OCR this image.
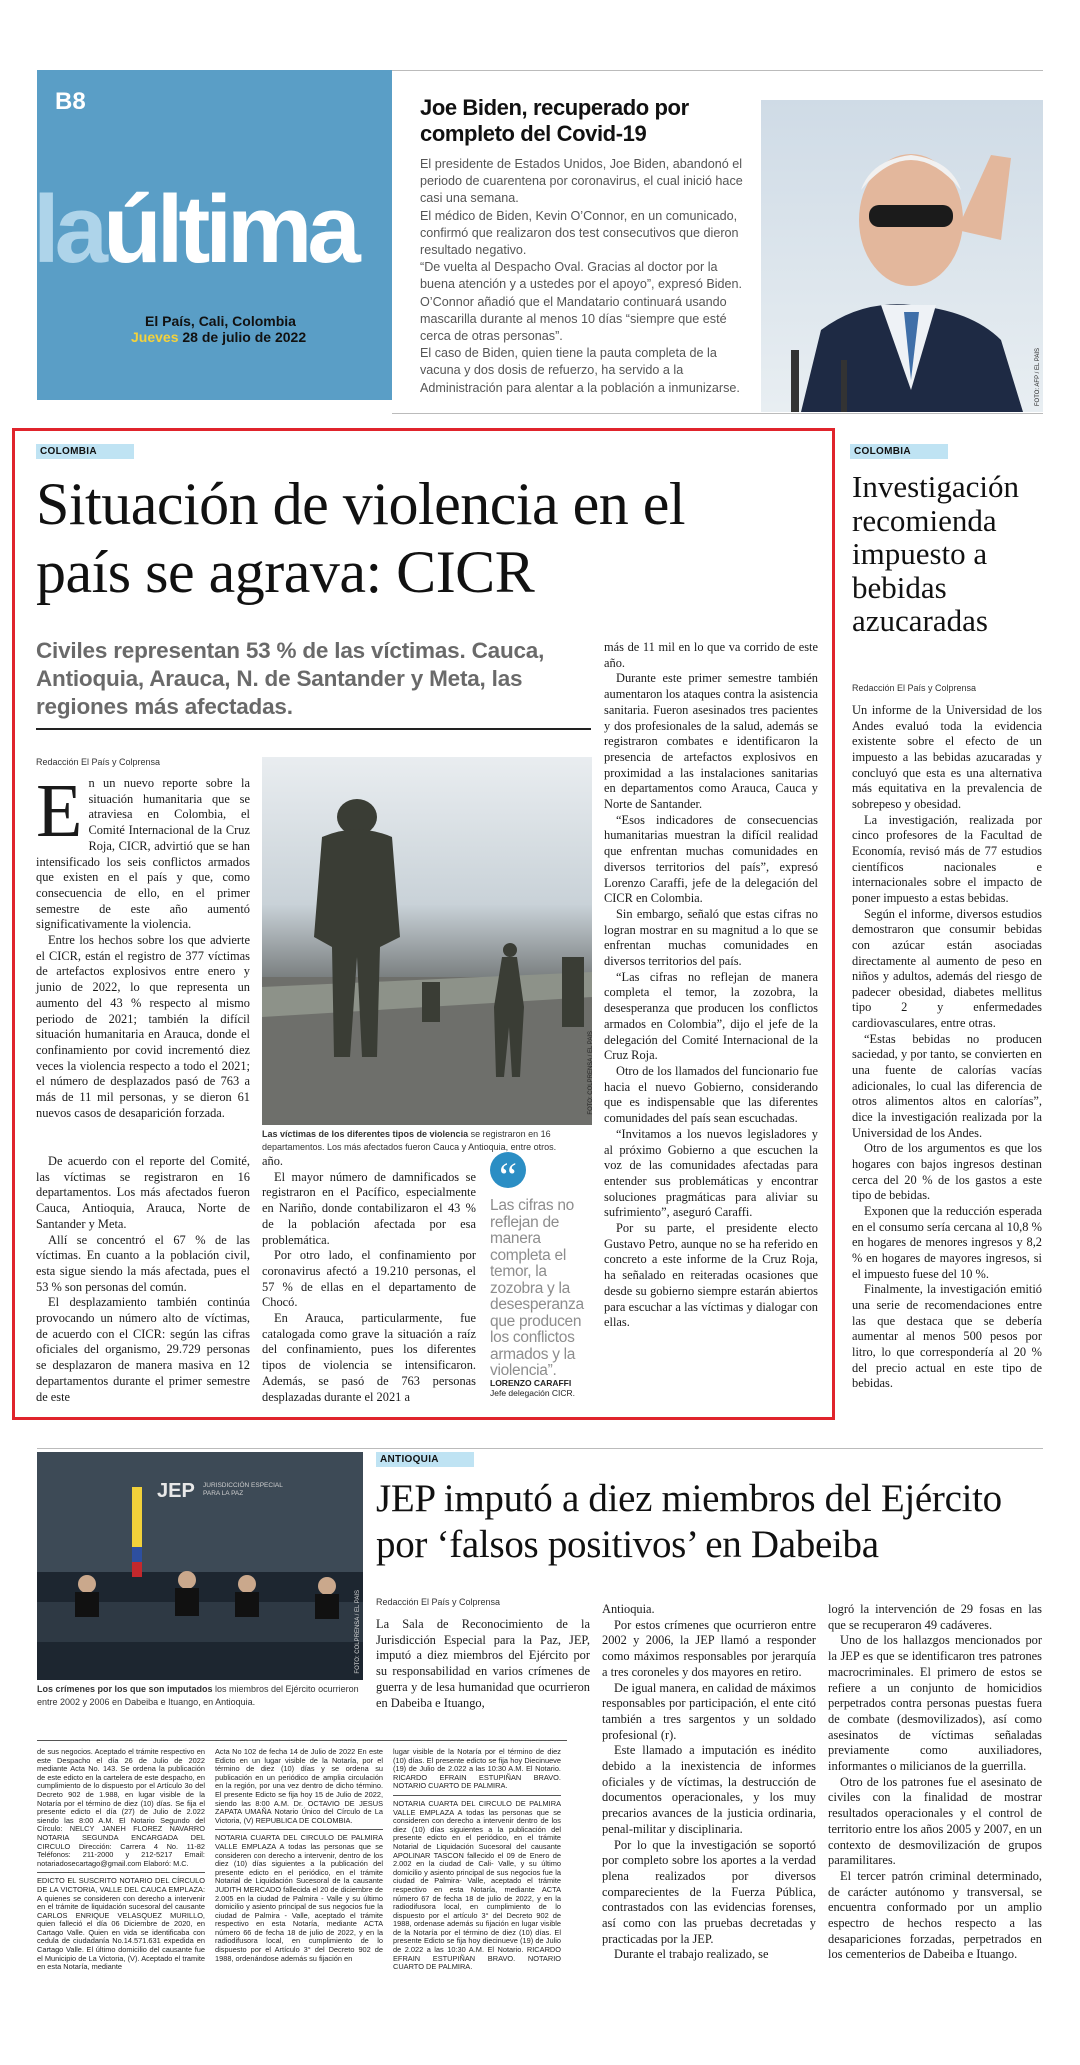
B8
laúltima
El País, Cali, Colombia
Jueves 28 de julio de 2022
Joe Biden, recuperado por completo del Covid-19

El presidente de Estados Unidos, Joe Biden, abandonó el periodo de cuarentena por coronavirus, el cual inició hace casi una semana.

El médico de Biden, Kevin O’Connor, en un comunicado, confirmó que realizaron dos test consecutivos que dieron resultado negativo.

“De vuelta al Despacho Oval. Gracias al doctor por la buena atención y a ustedes por el apoyo”, expresó Biden. O’Connor añadió que el Mandatario continuará usando mascarilla durante al menos 10 días “siempre que esté cerca de otras personas”.

El caso de Biden, quien tiene la pauta completa de la vacuna y dos dosis de refuerzo, ha servido a la Administración para alentar a la población a inmunizarse.	FOTO: AFP / EL PAÍS
COLOMBIA
Situación de violencia en el país se agrava: CICR
Civiles representan 53 % de las víctimas. Cauca, Antioquia, Arauca, N. de Santander y Meta, las regiones más afectadas.
Redacción El País y Colprensa
E n un nuevo reporte sobre la situación humanitaria que se atraviesa en Colombia, el Comité Internacional de la Cruz Roja, CICR, advirtió que se han intensificado los seis conflictos armados que existen en el país y que, como consecuencia de ello, en el primer semestre de este año aumentó significativamente la violencia.

Entre los hechos sobre los que advierte el CICR, están el registro de 377 víctimas de artefactos explosivos entre enero y junio de 2022, lo que representa un aumento del 43 % respecto al mismo periodo de 2021; también la difícil situación humanitaria en Arauca, donde el confinamiento por covid incrementó diez veces la violencia respecto a todo el 2021; el número de desplazados pasó de 763 a más de 11 mil personas, y se dieron 61 nuevos casos de desaparición forzada.

De acuerdo con el reporte del Comité, las víctimas se registraron en 16 departamentos. Los más afectados fueron Cauca, Antioquia, Arauca, Norte de Santander y Meta.

Allí se concentró el 67 % de las víctimas. En cuanto a la población civil, esta sigue siendo la más afectada, pues el 53 % son personas del común.

El desplazamiento también continúa provocando un número alto de víctimas, de acuerdo con el CICR: según las cifras oficiales del organismo, 29.729 personas se desplazaron de manera masiva en 12 departamentos durante el primer semestre de este

FOTO: COLPRENSA / EL PAÍS
Las víctimas de los diferentes tipos de violencia se registraron en 16 departamentos. Los más afectados fueron Cauca y Antioquia, entre otros.

año.

El mayor número de damnificados se registraron en el Pacífico, especialmente en Nariño, donde contabilizaron el 43 % de la población afectada por esa problemática.

Por otro lado, el confinamiento por coronavirus afectó a 19.210 personas, el 57 % de ellas en el departamento de Chocó.

En Arauca, particularmente, fue catalogada como grave la situación a raíz del confinamiento, pues los diferentes tipos de violencia se intensificaron. Además, se pasó de 763 personas desplazadas durante el 2021 a

“
Las cifras no reflejan de manera completa el temor, la zozobra y la desesperanza que producen los conflictos armados y la violencia”.
LORENZO CARAFFI
Jefe delegación CICR.

más de 11 mil en lo que va corrido de este año.

Durante este primer semestre también aumentaron los ataques contra la asistencia sanitaria. Fueron asesinados tres pacientes y dos profesionales de la salud, además se registraron combates e identificaron la presencia de artefactos explosivos en proximidad a las instalaciones sanitarias en departamentos como Arauca, Cauca y Norte de Santander.

“Esos indicadores de consecuencias humanitarias muestran la difícil realidad que enfrentan muchas comunidades en diversos territorios del país”, expresó Lorenzo Caraffi, jefe de la delegación del CICR en Colombia.

Sin embargo, señaló que estas cifras no logran mostrar en su magnitud a lo que se enfrentan muchas comunidades en diversos territorios del país.

“Las cifras no reflejan de manera completa el temor, la zozobra, la desesperanza que producen los conflictos armados en Colombia”, dijo el jefe de la delegación del Comité Internacional de la Cruz Roja.

Otro de los llamados del funcionario fue hacia el nuevo Gobierno, considerando que es indispensable que las diferentes comunidades del país sean escuchadas.

“Invitamos a los nuevos legisladores y al próximo Gobierno a que escuchen la voz de las comunidades afectadas para entender sus problemáticas y encontrar soluciones pragmáticas para aliviar su sufrimiento”, aseguró Caraffi.

Por su parte, el presidente electo Gustavo Petro, aunque no se ha referido en concreto a este informe de la Cruz Roja, ha señalado en reiteradas ocasiones que desde su gobierno siempre estarán abiertos para escuchar a las víctimas y dialogar con ellas.

COLOMBIA
Investigación recomienda impuesto a bebidas azucaradas
Redacción El País y Colprensa

Un informe de la Universidad de los Andes evaluó toda la evidencia existente sobre el efecto de un impuesto a las bebidas azucaradas y concluyó que esta es una alternativa más equitativa en la prevalencia de sobrepeso y obesidad.

La investigación, realizada por cinco profesores de la Facultad de Economía, revisó más de 77 estudios científicos nacionales e internacionales sobre el impacto de poner impuesto a estas bebidas.

Según el informe, diversos estudios demostraron que consumir bebidas con azúcar están asociadas directamente al aumento de peso en niños y adultos, además del riesgo de padecer obesidad, diabetes mellitus tipo 2 y enfermedades cardiovasculares, entre otras.

“Estas bebidas no producen saciedad, y por tanto, se convierten en una fuente de calorías vacías adicionales, lo cual las diferencia de otros alimentos altos en calorías”, dice la investigación realizada por la Universidad de los Andes.

Otro de los argumentos es que los hogares con bajos ingresos destinan cerca del 20 % de los gastos a este tipo de bebidas.

Exponen que la reducción esperada en el consumo sería cercana al 10,8 % en hogares de menores ingresos y 8,2 % en hogares de mayores ingresos, si el impuesto fuese del 10 %.

Finalmente, la investigación emitió una serie de recomendaciones entre las que destaca que se debería aumentar al menos 500 pesos por litro, lo que correspondería al 20 % del precio actual en este tipo de bebidas.

ANTIOQUIA
JEP imputó a diez miembros del Ejército por ‘falsos positivos’ en Dabeiba
Redacción El País y Colprensa
JEP JURISDICCIÓN ESPECIAL PARA LA PAZ
FOTO: COLPRENSA / EL PAÍS
Los crímenes por los que son imputados los miembros del Ejército ocurrieron entre 2002 y 2006 en Dabeiba e Ituango, en Antioquia.

La Sala de Reconocimiento de la Jurisdicción Especial para la Paz, JEP, imputó a diez miembros del Ejército por su responsabilidad en varios crímenes de guerra y de lesa humanidad que ocurrieron en Dabeiba e Ituango,

Antioquia.

Por estos crímenes que ocurrieron entre 2002 y 2006, la JEP llamó a responder como máximos responsables por jerarquía a tres coroneles y dos mayores en retiro.

De igual manera, en calidad de máximos responsables por participación, el ente citó también a tres sargentos y un soldado profesional (r).

Este llamado a imputación es inédito debido a la inexistencia de informes oficiales y de víctimas, la destrucción de documentos operacionales, y los muy precarios avances de la justicia ordinaria, penal-militar y disciplinaria.

Por lo que la investigación se soportó por completo sobre los aportes a la verdad plena realizados por diversos comparecientes de la Fuerza Pública, contrastados con las evidencias forenses, así como con las pruebas decretadas y practicadas por la JEP.

Durante el trabajo realizado, se

logró la intervención de 29 fosas en las que se recuperaron 49 cadáveres.

Uno de los hallazgos mencionados por la JEP es que se identificaron tres patrones macrocriminales. El primero de estos se refiere a un conjunto de homicidios perpetrados contra personas puestas fuera de combate (desmovilizados), así como asesinatos de víctimas señaladas previamente como auxiliadores, informantes o milicianos de la guerrilla.

Otro de los patrones fue el asesinato de civiles con la finalidad de mostrar resultados operacionales y el control de territorio entre los años 2005 y 2007, en un contexto de desmovilización de grupos paramilitares.

El tercer patrón criminal determinado, de carácter autónomo y transversal, se encuentra conformado por un amplio espectro de hechos respecto a las desapariciones forzadas, perpetrados en los cementerios de Dabeiba e Ituango.

de sus negocios. Aceptado el trámite respectivo en este Despacho el día 26 de Julio de 2022 mediante Acta No. 143. Se ordena la publicación de este edicto en la cartelera de este despacho, en cumplimiento de lo dispuesto por el Artículo 3o del Decreto 902 de 1.988, en lugar visible de la Notaría por el término de diez (10) días. Se fija el presente edicto el día (27) de Julio de 2.022 siendo las 8:00 A.M. El Notario Segundo del Círculo: NELCY JANEH FLOREZ NAVARRO NOTARIA SEGUNDA ENCARGADA DEL CIRCULO Dirección: Carrera 4 No. 11-82 Teléfonos: 211-2000 y 212-5217 Email: notariadosecartago@gmail.com Elaboró: M.C.

EDICTO EL SUSCRITO NOTARIO DEL CÍRCULO DE LA VICTORIA, VALLE DEL CAUCA EMPLAZA: A quienes se consideren con derecho a intervenir en el trámite de liquidación sucesoral del causante CARLOS ENRIQUE VELASQUEZ MURILLO, quien falleció el día 06 Diciembre de 2020, en Cartago Valle. Quien en vida se identificaba con cedula de ciudadanía No.14.571.631 expedida en Cartago Valle. El último domicilio del causante fue el Municipio de La Victoria, (V). Aceptado el tramite en esta Notaría, mediante

Acta No 102 de fecha 14 de Julio de 2022 En este Edicto en un lugar visible de la Notaría, por el término de diez (10) días y se ordena su publicación en un periódico de amplia circulación en la región, por una vez dentro de dicho término. El presente Edicto se fija hoy 15 de Julio de 2022, siendo las 8:00 A.M. Dr. OCTAVIO DE JESUS ZAPATA UMAÑA Notario Único del Círculo de La Victoria, (V) REPUBLICA DE COLOMBIA.

NOTARIA CUARTA DEL CIRCULO DE PALMIRA VALLE EMPLAZA A todas las personas que se consideren con derecho a intervenir, dentro de los diez (10) días siguientes a la publicación del presente edicto en el periódico, en el trámite Notarial de Liquidación Sucesoral de la causante JUDITH MERCADO fallecida el 20 de diciembre de 2.005 en la ciudad de Palmira - Valle y su último domicilio y asiento principal de sus negocios fue la ciudad de Palmira - Valle, aceptado el trámite respectivo en esta Notaría, mediante ACTA número 66 de fecha 18 de julio de 2022, y en la radiodifusora local, en cumplimiento de lo dispuesto por el Artículo 3° del Decreto 902 de 1988, ordenándose además su fijación en

lugar visible de la Notaría por el término de diez (10) días. El presente edicto se fija hoy Diecinueve (19) de Julio de 2.022 a las 10:30 A.M. El Notario. RICARDO EFRAIN ESTUPIÑAN BRAVO. NOTARIO CUARTO DE PALMIRA.

NOTARIA CUARTA DEL CIRCULO DE PALMIRA VALLE EMPLAZA A todas las personas que se consideren con derecho a intervenir dentro de los diez (10) días siguientes a la publicación del presente edicto en el periódico, en el trámite Notarial de Liquidación Sucesoral del causante APOLINAR TASCON fallecido el 09 de Enero de 2.002 en la ciudad de Cali- Valle, y su último domicilio y asiento principal de sus negocios fue la ciudad de Palmira- Valle, aceptado el trámite respectivo en esta Notaría, mediante ACTA número 67 de fecha 18 de julio de 2022, y en la radiodifusora local, en cumplimiento de lo dispuesto por el artículo 3° del Decreto 902 de 1988, ordenase además su fijación en lugar visible de la Notaría por el término de diez (10) días. El presente Edicto se fija hoy diecinueve (19) de Julio de 2.022 a las 10:30 A.M. El Notario. RICARDO EFRAIN ESTUPIÑAN BRAVO. NOTARIO CUARTO DE PALMIRA.
